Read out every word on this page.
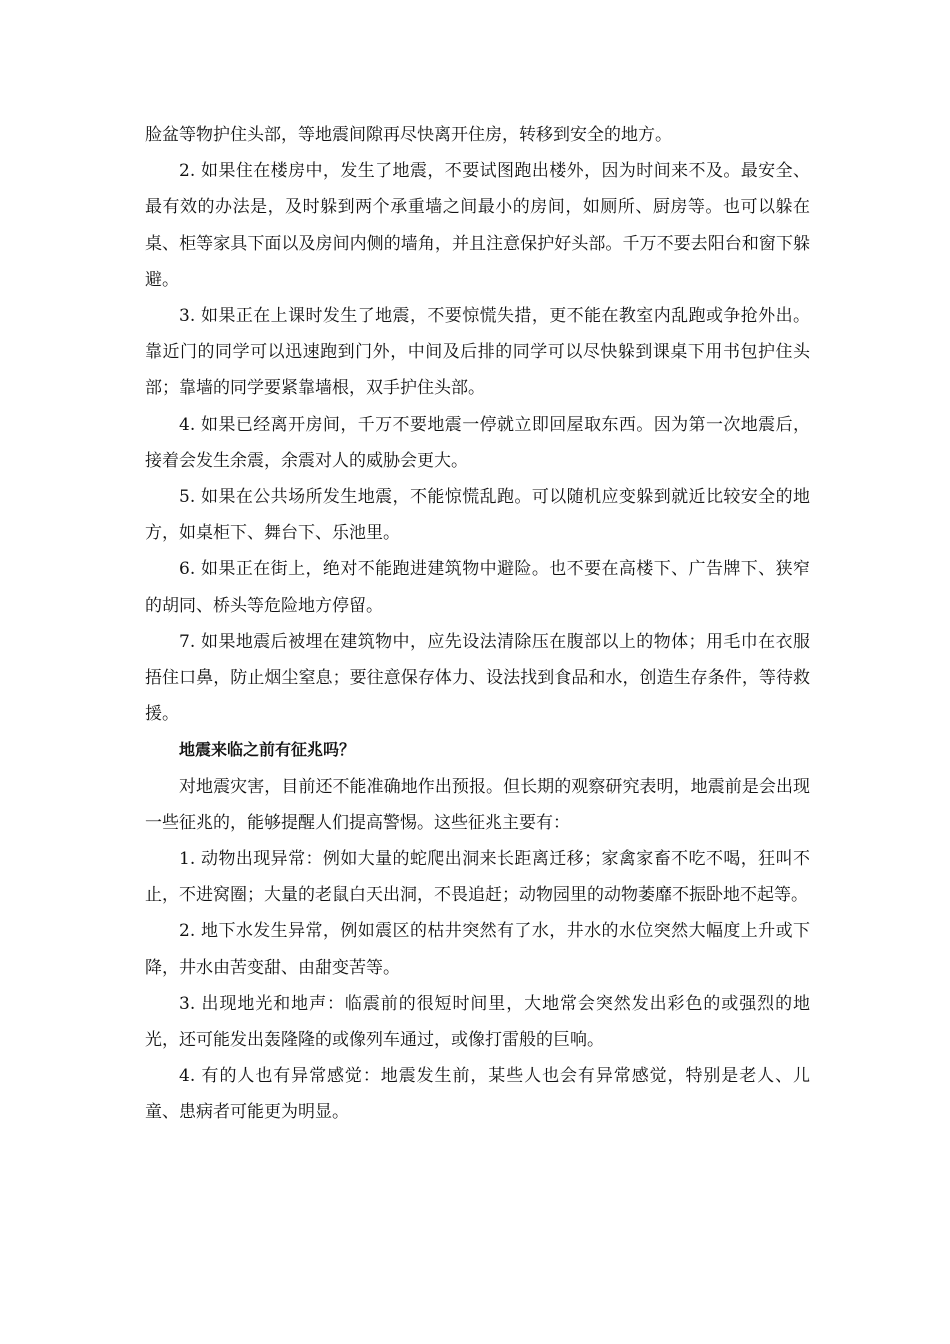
脸盆等物护住头部，等地震间隙再尽快离开住房，转移到安全的地方。

2. 如果住在楼房中，发生了地震，不要试图跑出楼外，因为时间来不及。最安全、最有效的办法是，及时躲到两个承重墙之间最小的房间，如厕所、厨房等。也可以躲在桌、柜等家具下面以及房间内侧的墙角，并且注意保护好头部。千万不要去阳台和窗下躲避。

3. 如果正在上课时发生了地震，不要惊慌失措，更不能在教室内乱跑或争抢外出。靠近门的同学可以迅速跑到门外，中间及后排的同学可以尽快躲到课桌下用书包护住头部；靠墙的同学要紧靠墙根，双手护住头部。

4. 如果已经离开房间，千万不要地震一停就立即回屋取东西。因为第一次地震后，接着会发生余震，余震对人的威胁会更大。

5. 如果在公共场所发生地震，不能惊慌乱跑。可以随机应变躲到就近比较安全的地方，如桌柜下、舞台下、乐池里。

6. 如果正在街上，绝对不能跑进建筑物中避险。也不要在高楼下、广告牌下、狭窄的胡同、桥头等危险地方停留。

7. 如果地震后被埋在建筑物中，应先设法清除压在腹部以上的物体；用毛巾在衣服捂住口鼻，防止烟尘窒息；要往意保存体力、设法找到食品和水，创造生存条件，等待救援。

地震来临之前有征兆吗？

对地震灾害，目前还不能准确地作出预报。但长期的观察研究表明，地震前是会出现一些征兆的，能够提醒人们提高警惕。这些征兆主要有：

1. 动物出现异常：例如大量的蛇爬出洞来长距离迁移；家禽家畜不吃不喝，狂叫不止，不进窝圈；大量的老鼠白天出洞，不畏追赶；动物园里的动物萎靡不振卧地不起等。

2. 地下水发生异常，例如震区的枯井突然有了水，井水的水位突然大幅度上升或下降，井水由苦变甜、由甜变苦等。

3. 出现地光和地声：临震前的很短时间里，大地常会突然发出彩色的或强烈的地光，还可能发出轰隆隆的或像列车通过，或像打雷般的巨响。

4. 有的人也有异常感觉：地震发生前，某些人也会有异常感觉，特别是老人、儿童、患病者可能更为明显。
